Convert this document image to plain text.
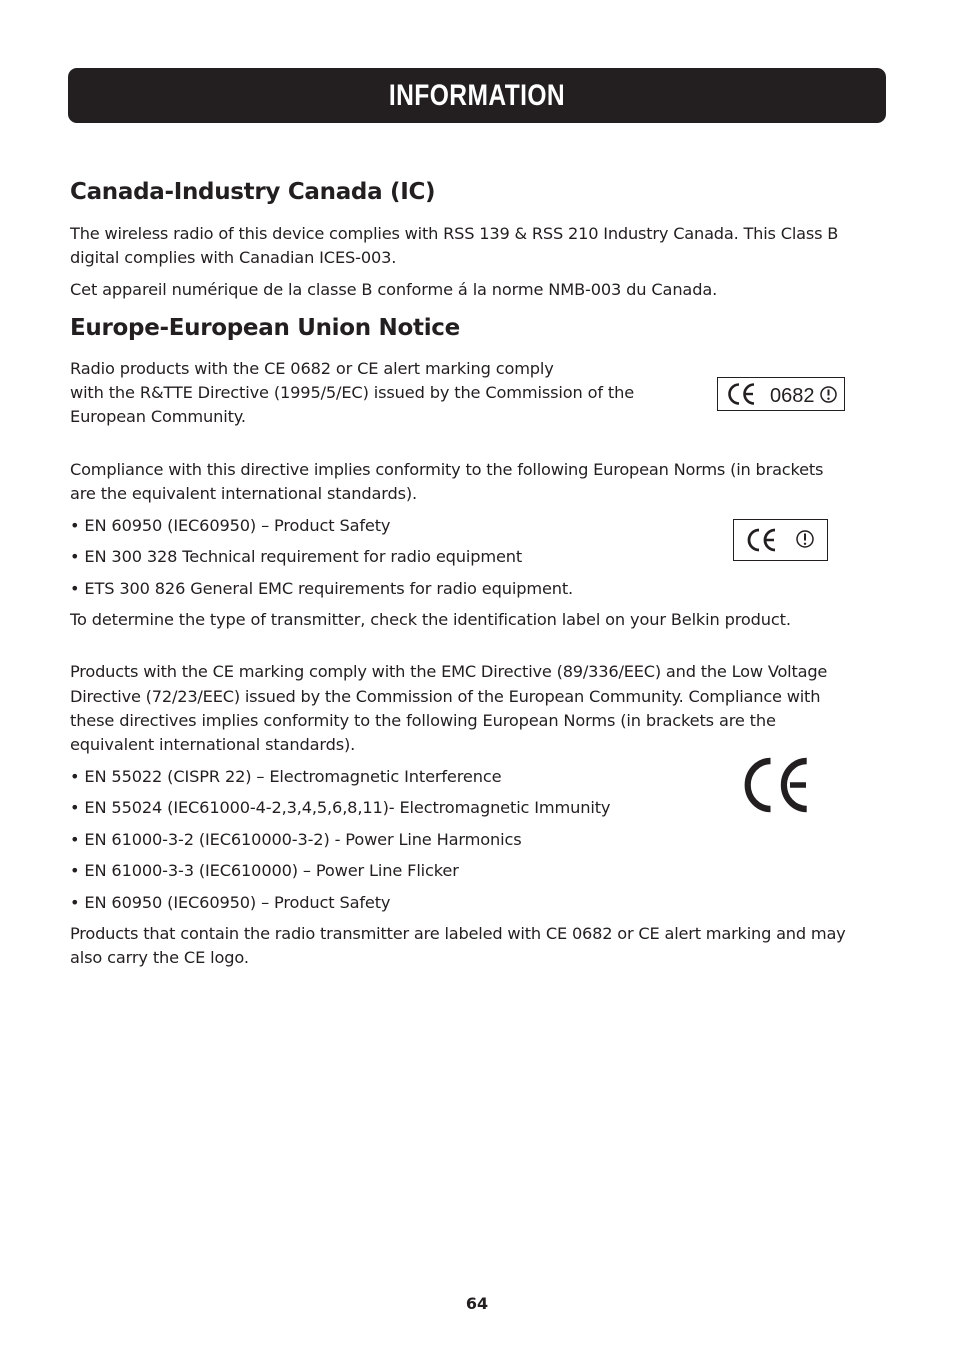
INFORMATION
Canada-Industry Canada (IC)
The wireless radio of this device complies with RSS 139 & RSS 210 Industry Canada. This Class B
digital complies with Canadian ICES-003.
Cet appareil numérique de la classe B conforme á la norme NMB-003 du Canada.
Europe-European Union Notice
Radio products with the CE 0682 or CE alert marking comply
with the R&TTE Directive (1995/5/EC) issued by the Commission of the
European Community.
Compliance with this directive implies conformity to the following European Norms (in brackets
are the equivalent international standards).
• EN 60950 (IEC60950) – Product Safety
• EN 300 328 Technical requirement for radio equipment
• ETS 300 826 General EMC requirements for radio equipment.
To determine the type of transmitter, check the identification label on your Belkin product.
Products with the CE marking comply with the EMC Directive (89/336/EEC) and the Low Voltage
Directive (72/23/EEC) issued by the Commission of the European Community. Compliance with
these directives implies conformity to the following European Norms (in brackets are the
equivalent international standards).
• EN 55022 (CISPR 22) – Electromagnetic Interference
• EN 55024 (IEC61000-4-2,3,4,5,6,8,11)- Electromagnetic Immunity
• EN 61000-3-2 (IEC610000-3-2) - Power Line Harmonics
• EN 61000-3-3 (IEC610000) – Power Line Flicker
• EN 60950 (IEC60950) – Product Safety
Products that contain the radio transmitter are labeled with CE 0682 or CE alert marking and may
also carry the CE logo.
0682
64
